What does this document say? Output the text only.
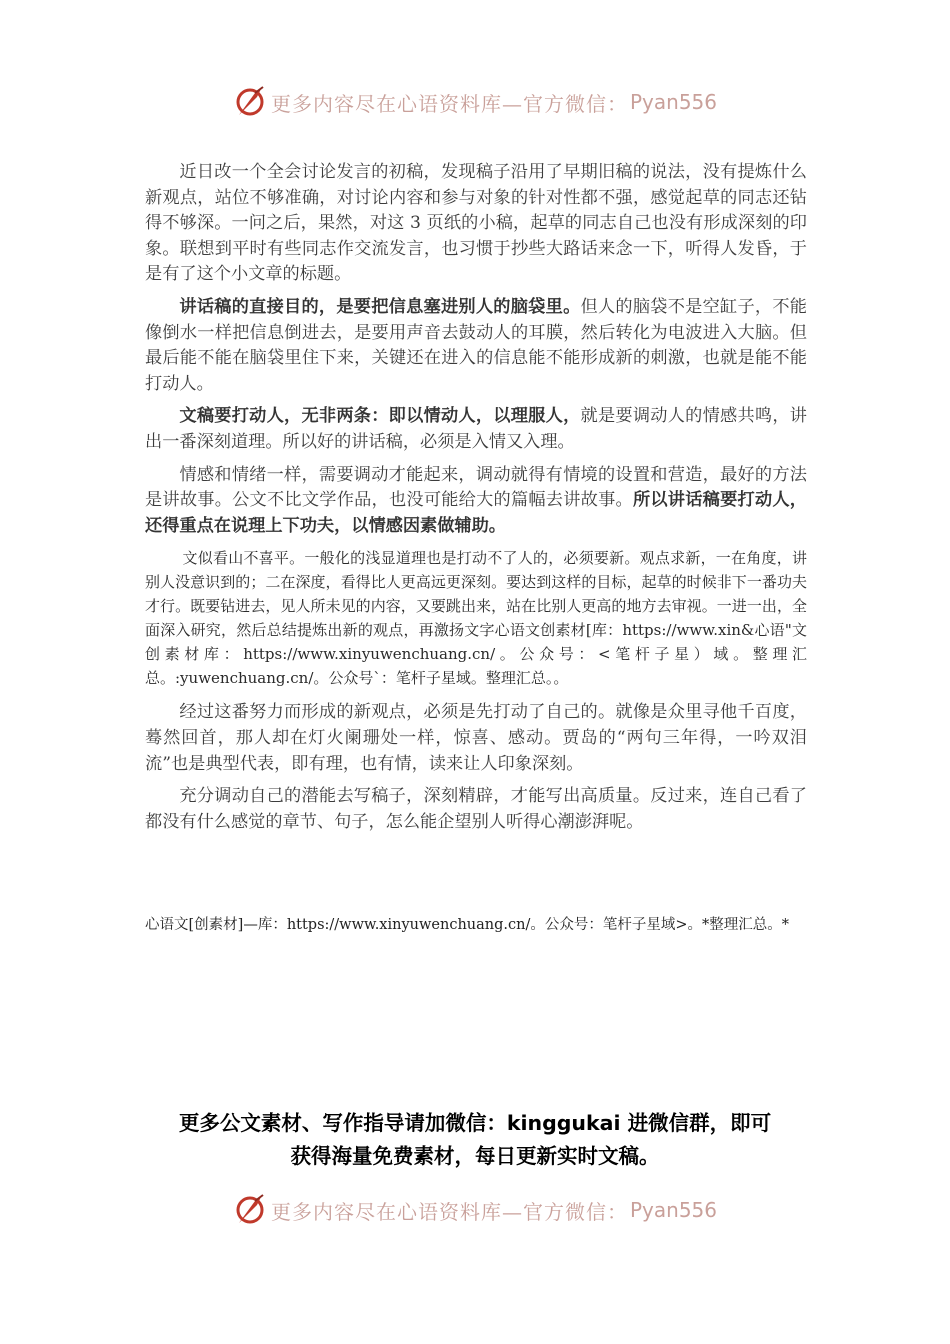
更多内容尽在心语资料库—官方微信： Pyan556

近日改一个全会讨论发言的初稿，发现稿子沿用了早期旧稿的说法，没有提炼什么新观点，站位不够准确，对讨论内容和参与对象的针对性都不强，感觉起草的同志还钻得不够深。一问之后，果然，对这 3 页纸的小稿，起草的同志自己也没有形成深刻的印象。联想到平时有些同志作交流发言，也习惯于抄些大路话来念一下，听得人发昏，于是有了这个小文章的标题。

讲话稿的直接目的，是要把信息塞进别人的脑袋里。但人的脑袋不是空缸子，不能像倒水一样把信息倒进去，是要用声音去鼓动人的耳膜，然后转化为电波进入大脑。但最后能不能在脑袋里住下来，关键还在进入的信息能不能形成新的刺激，也就是能不能打动人。

文稿要打动人，无非两条：即以情动人，以理服人，就是要调动人的情感共鸣，讲出一番深刻道理。所以好的讲话稿，必须是入情又入理。

情感和情绪一样，需要调动才能起来，调动就得有情境的设置和营造，最好的方法是讲故事。公文不比文学作品，也没可能给大的篇幅去讲故事。所以讲话稿要打动人，还得重点在说理上下功夫，以情感因素做辅助。

文似看山不喜平。一般化的浅显道理也是打动不了人的，必须要新。观点求新，一在角度，讲别人没意识到的；二在深度，看得比人更高远更深刻。要达到这样的目标，起草的时候非下一番功夫才行。既要钻进去，见人所未见的内容，又要跳出来，站在比别人更高的地方去审视。一进一出，全面深入研究，然后总结提炼出新的观点，再激扬文字心语文创素材[库：https://www.xin&心语"文创素材库：https://www.xinyuwenchuang.cn/。公众号：<笔杆子星）域。整理汇总。:yuwenchuang.cn/。公众号`：笔杆子星域。整理汇总。。

经过这番努力而形成的新观点，必须是先打动了自己的。就像是众里寻他千百度，蓦然回首，那人却在灯火阑珊处一样，惊喜、感动。贾岛的“两句三年得，一吟双泪流”也是典型代表，即有理，也有情，读来让人印象深刻。

充分调动自己的潜能去写稿子，深刻精辟，才能写出高质量。反过来，连自己看了都没有什么感觉的章节、句子，怎么能企望别人听得心潮澎湃呢。

心语文[创素材]—库：https://www.xinyuwenchuang.cn/。公众号：笔杆子星域>。*整理汇总。*
更多公文素材、写作指导请加微信：kinggukai 进微信群，即可
获得海量免费素材，每日更新实时文稿。
更多内容尽在心语资料库—官方微信： Pyan556
